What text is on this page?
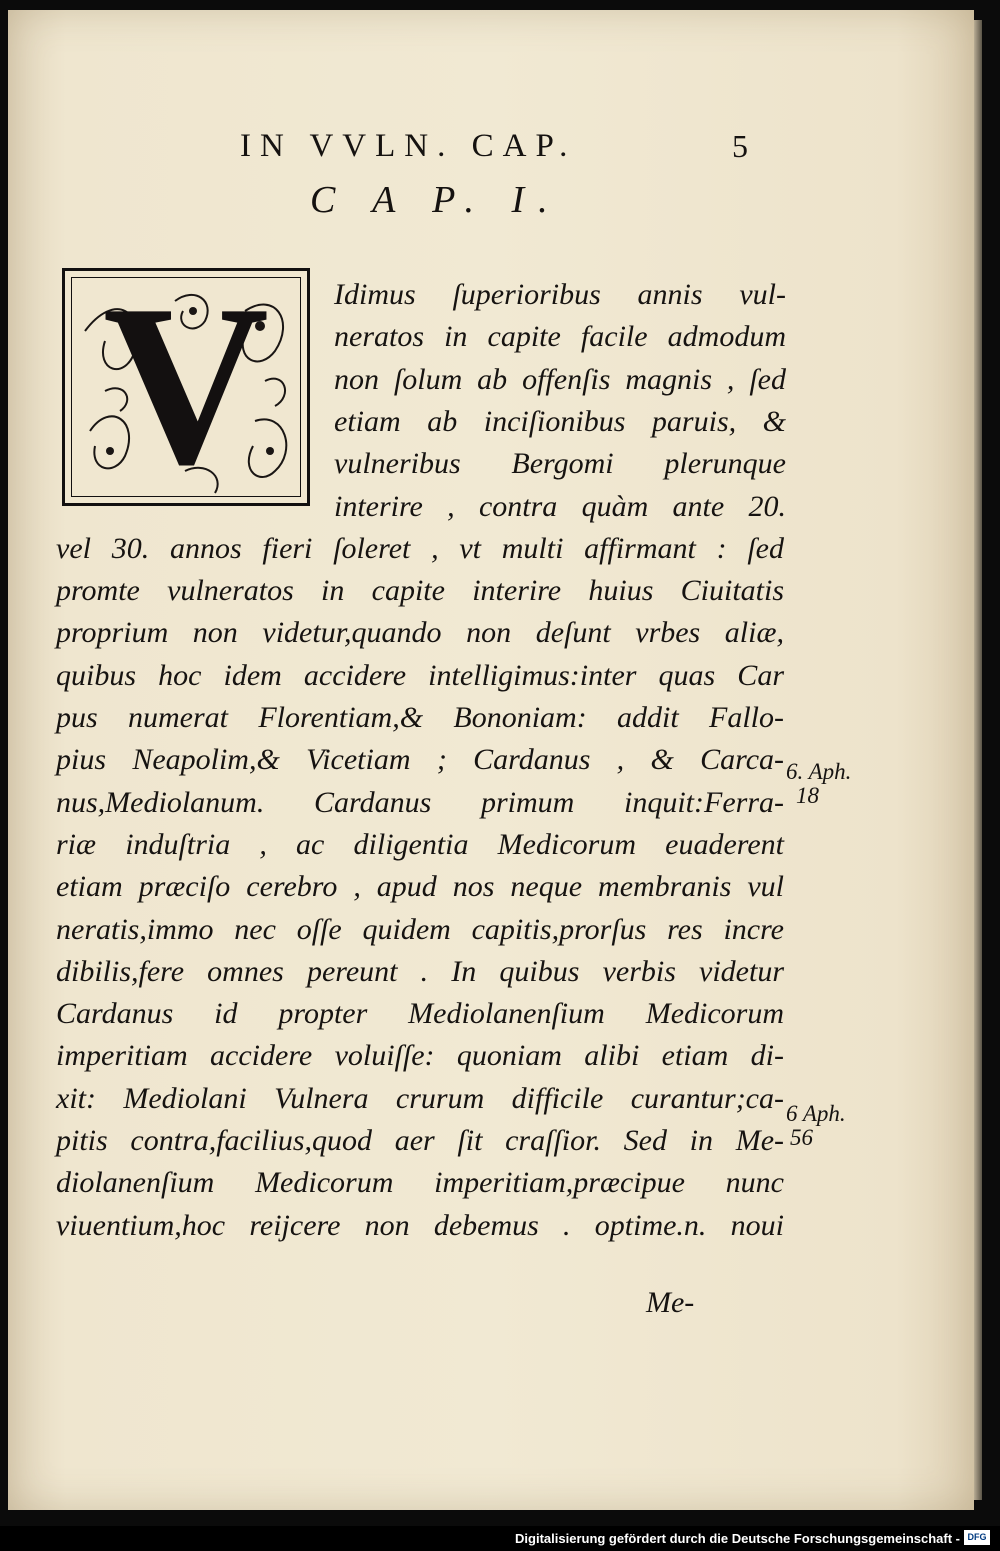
IN VVLN. CAP.	5
C A P. I.
V	Idimus ſuperioribus annis vul-
neratos in capite facile admodum
non ſolum ab offenſis magnis , ſed
etiam ab inciſionibus paruis, &
vulneribus Bergomi plerunque
interire , contra quàm ante 20.
vel 30. annos fieri ſoleret , vt multi affirmant : ſed
promte vulneratos in capite interire huius Ciuitatis
proprium non videtur,quando non deſunt vrbes aliæ,
quibus hoc idem accidere intelligimus:inter quas Car
pus numerat Florentiam,& Bononiam: addit Fallo-
pius Neapolim,& Vicetiam ; Cardanus , & Carca-
nus,Mediolanum. Cardanus primum inquit:Ferra-
riæ induſtria , ac diligentia Medicorum euaderent
etiam præciſo cerebro , apud nos neque membranis vul
neratis,immo nec oſſe quidem capitis,prorſus res incre
dibilis,fere omnes pereunt . In quibus verbis videtur
Cardanus id propter Mediolanenſium Medicorum
imperitiam accidere voluiſſe: quoniam alibi etiam di-
xit: Mediolani Vulnera crurum difficile curantur;ca-
pitis contra,facilius,quod aer ſit craſſior. Sed in Me-
diolanenſium Medicorum imperitiam,præcipue nunc
viuentium,hoc reijcere non debemus . optime.n. noui
6. Aph.
18
6 Aph.
56
Me-
Digitalisierung gefördert durch die Deutsche Forschungsgemeinschaft - DFG
